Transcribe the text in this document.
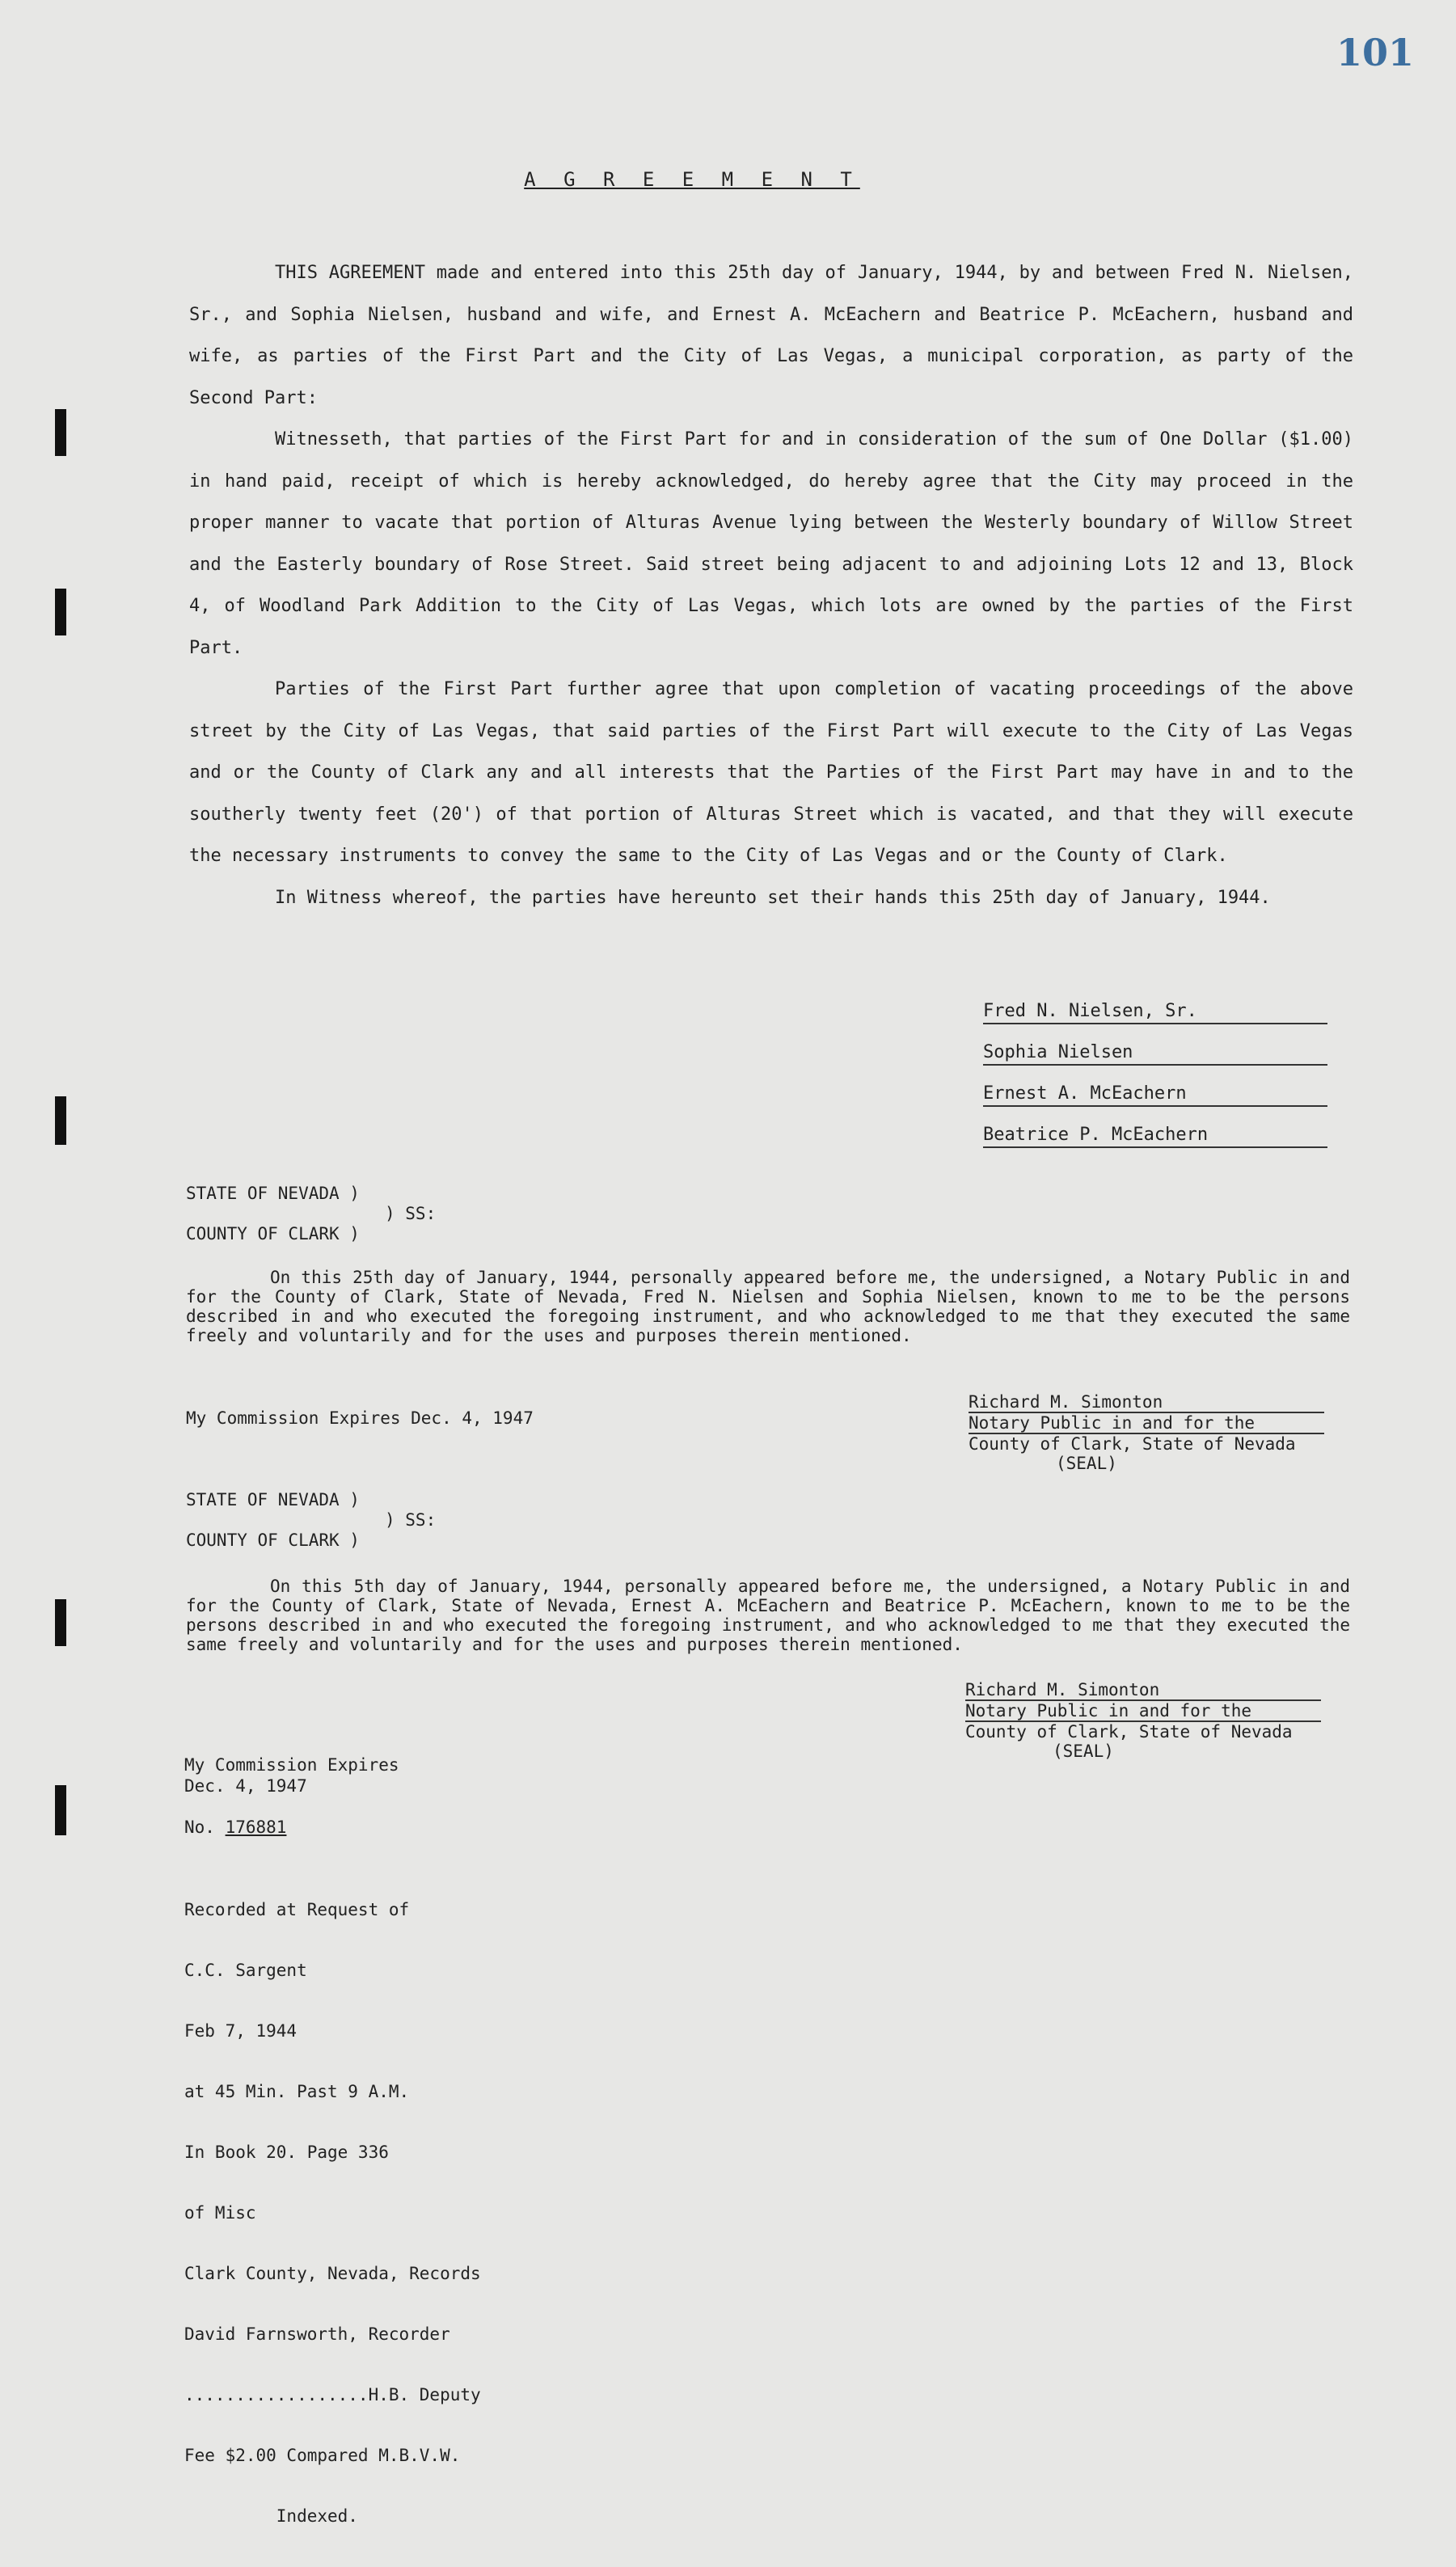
101
A G R E E M E N T

THIS AGREEMENT made and entered into this 25th day of January, 1944, by and between Fred N. Nielsen, Sr., and Sophia Nielsen, husband and wife, and Ernest A. McEachern and Beatrice P. McEachern, husband and wife, as parties of the First Part and the City of Las Vegas, a municipal corporation, as party of the Second Part:

Witnesseth, that parties of the First Part for and in consideration of the sum of One Dollar ($1.00) in hand paid, receipt of which is hereby acknowledged, do hereby agree that the City may proceed in the proper manner to vacate that portion of Alturas Avenue lying between the Westerly boundary of Willow Street and the Easterly boundary of Rose Street. Said street being adjacent to and adjoining Lots 12 and 13, Block 4, of Woodland Park Addition to the City of Las Vegas, which lots are owned by the parties of the First Part.

Parties of the First Part further agree that upon completion of vacating proceedings of the above street by the City of Las Vegas, that said parties of the First Part will execute to the City of Las Vegas and or the County of Clark any and all interests that the Parties of the First Part may have in and to the southerly twenty feet (20') of that portion of Alturas Street which is vacated, and that they will execute the necessary instruments to convey the same to the City of Las Vegas and or the County of Clark.

In Witness whereof, the parties have hereunto set their hands this 25th day of January, 1944.

Fred N. Nielsen, Sr.
Sophia Nielsen
Ernest A. McEachern
Beatrice P. McEachern
STATE OF NEVADA )
) SS:
COUNTY OF CLARK )

On this 25th day of January, 1944, personally appeared before me, the undersigned, a Notary Public in and for the County of Clark, State of Nevada, Fred N. Nielsen and Sophia Nielsen, known to me to be the persons described in and who executed the foregoing instrument, and who acknowledged to me that they executed the same freely and voluntarily and for the uses and purposes therein mentioned.

My Commission Expires Dec. 4, 1947
Richard M. Simonton
Notary Public in and for the
County of Clark, State of Nevada
(SEAL)
STATE OF NEVADA )
) SS:
COUNTY OF CLARK )

On this 5th day of January, 1944, personally appeared before me, the undersigned, a Notary Public in and for the County of Clark, State of Nevada, Ernest A. McEachern and Beatrice P. McEachern, known to me to be the persons described in and who executed the foregoing instrument, and who acknowledged to me that they executed the same freely and voluntarily and for the uses and purposes therein mentioned.

Richard M. Simonton
Notary Public in and for the
County of Clark, State of Nevada
(SEAL)
My Commission Expires
Dec. 4, 1947
No. 176881

Recorded at Request of

C.C. Sargent

Feb 7, 1944

at 45 Min. Past 9 A.M.

In Book 20. Page 336

of Misc

Clark County, Nevada, Records

David Farnsworth, Recorder

..................H.B. Deputy

Fee $2.00 Compared M.B.V.W.

Indexed.
